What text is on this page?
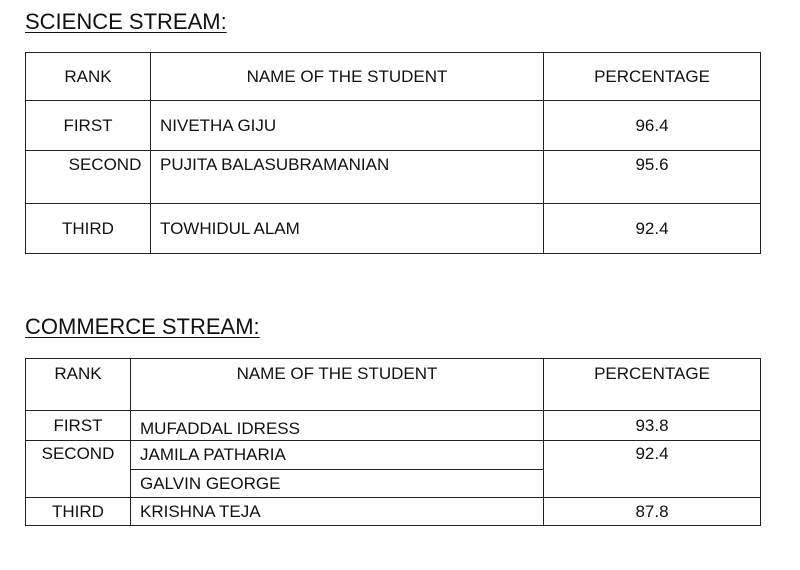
SCIENCE STREAM:
RANK	NAME OF THE STUDENT	PERCENTAGE
FIRST	NIVETHA GIJU	96.4
SECOND	PUJITA BALASUBRAMANIAN	95.6
THIRD	TOWHIDUL ALAM	92.4
COMMERCE STREAM:
RANK	NAME OF THE STUDENT	PERCENTAGE
FIRST	MUFADDAL IDRESS	93.8
SECOND	JAMILA PATHARIA	92.4
	GALVIN GEORGE	
THIRD	KRISHNA TEJA	87.8
